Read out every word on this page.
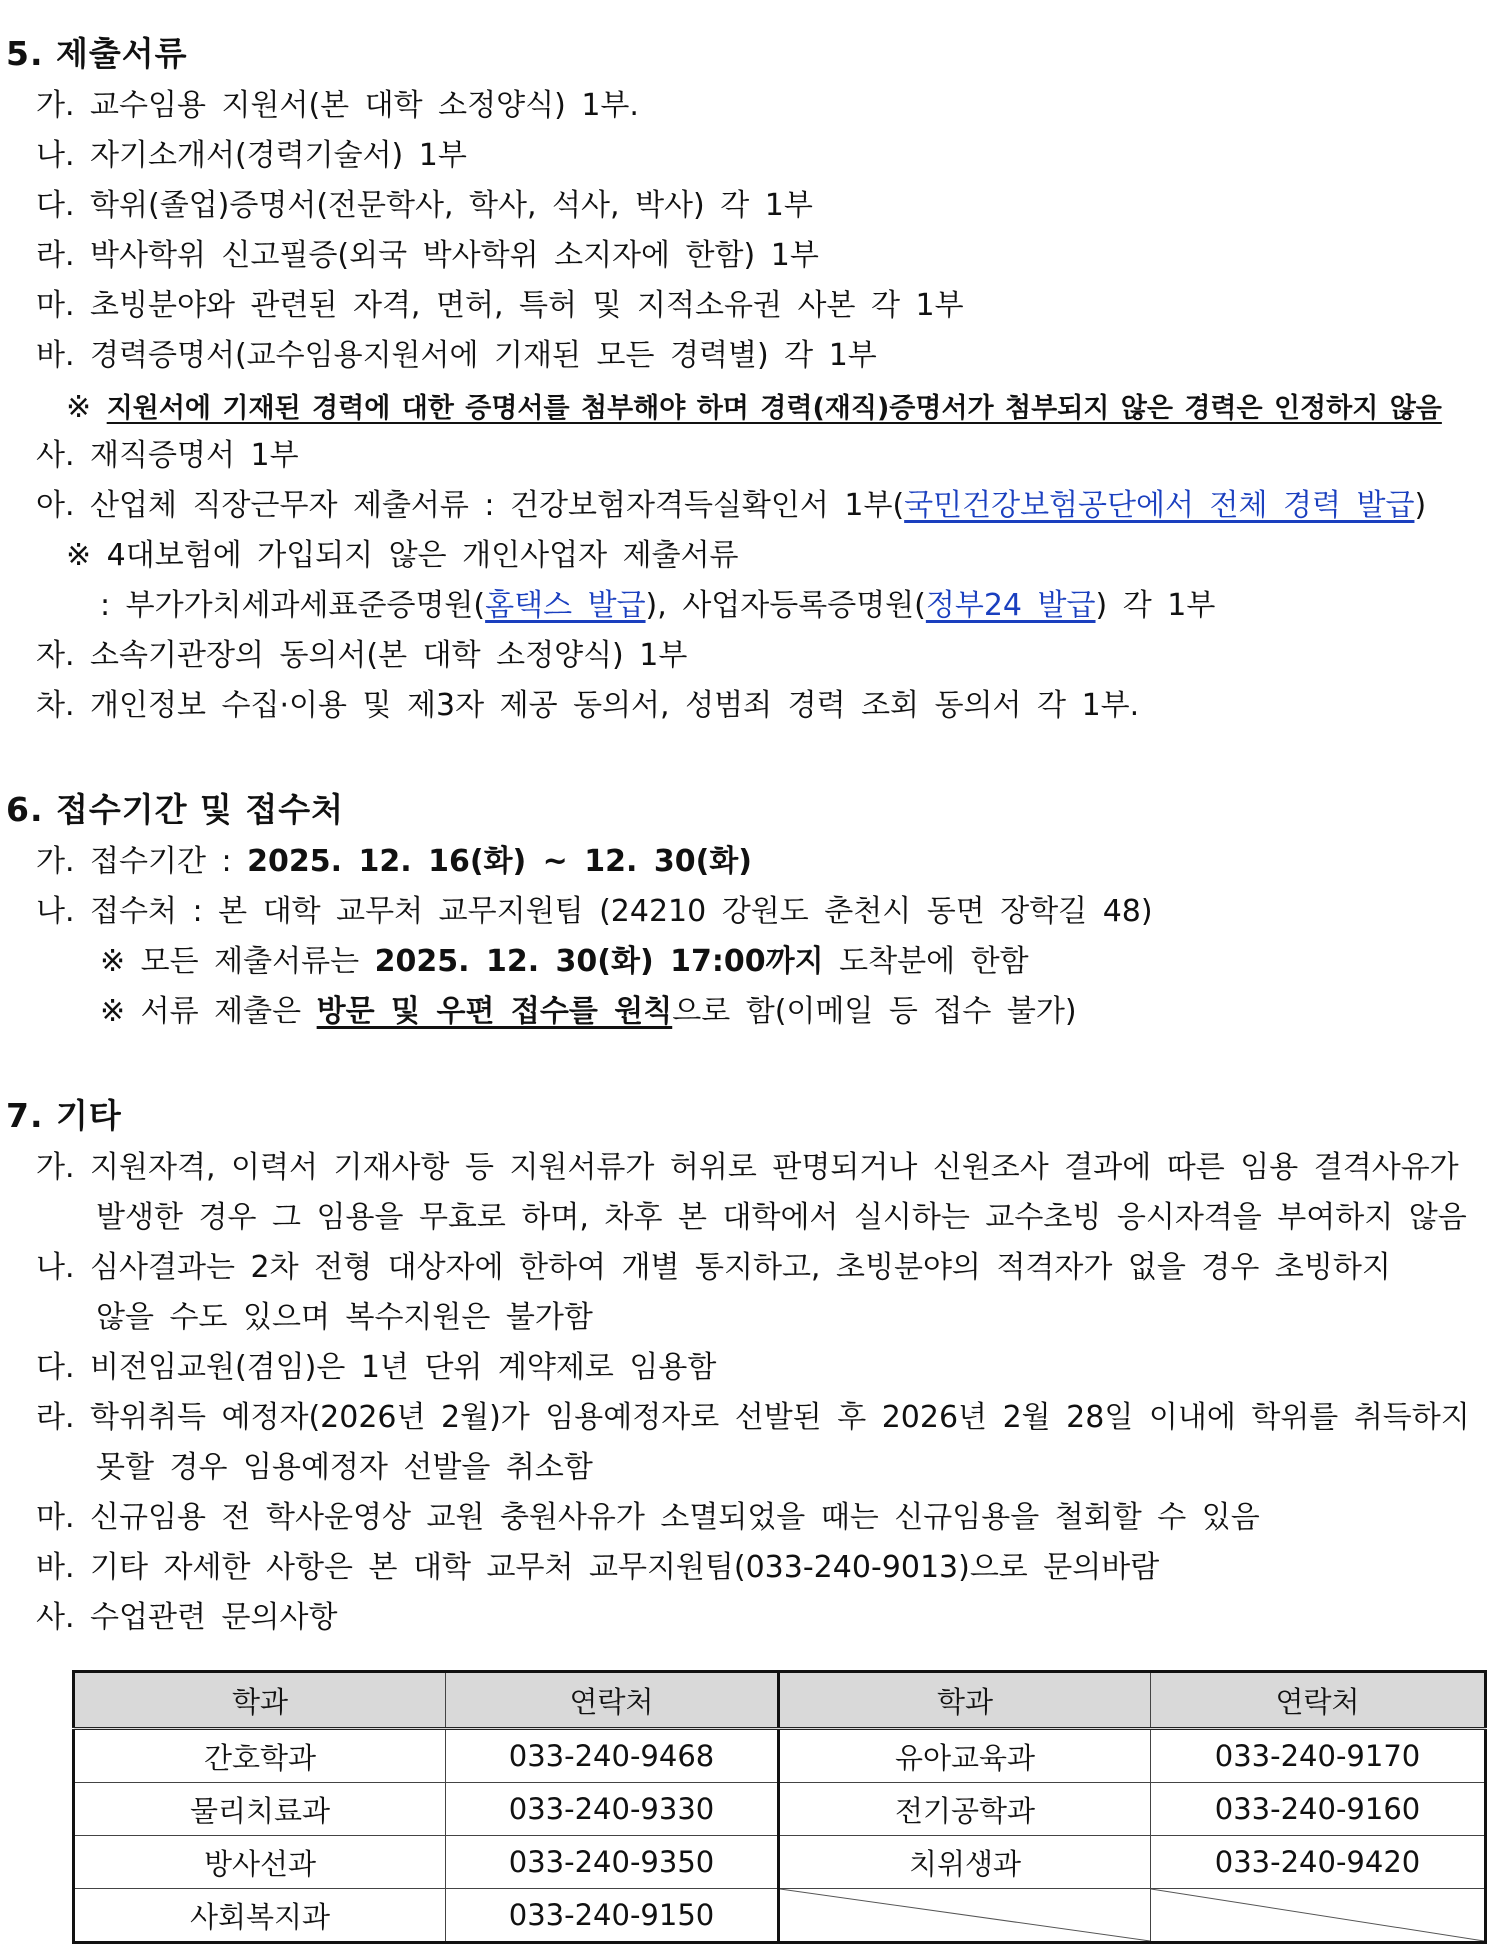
5. 제출서류
가. 교수임용 지원서(본 대학 소정양식) 1부.
나. 자기소개서(경력기술서) 1부
다. 학위(졸업)증명서(전문학사, 학사, 석사, 박사) 각 1부
라. 박사학위 신고필증(외국 박사학위 소지자에 한함) 1부
마. 초빙분야와 관련된 자격, 면허, 특허 및 지적소유권 사본 각 1부
바. 경력증명서(교수임용지원서에 기재된 모든 경력별) 각 1부
※ 지원서에 기재된 경력에 대한 증명서를 첨부해야 하며 경력(재직)증명서가 첨부되지 않은 경력은 인정하지 않음
사. 재직증명서 1부
아. 산업체 직장근무자 제출서류 : 건강보험자격득실확인서 1부(국민건강보험공단에서 전체 경력 발급)
※ 4대보험에 가입되지 않은 개인사업자 제출서류
: 부가가치세과세표준증명원(홈택스 발급), 사업자등록증명원(정부24 발급) 각 1부
자. 소속기관장의 동의서(본 대학 소정양식) 1부
차. 개인정보 수집·이용 및 제3자 제공 동의서, 성범죄 경력 조회 동의서 각 1부.
6. 접수기간 및 접수처
가. 접수기간 : 2025. 12. 16(화) ~ 12. 30(화)
나. 접수처 : 본 대학 교무처 교무지원팀 (24210 강원도 춘천시 동면 장학길 48)
※ 모든 제출서류는 2025. 12. 30(화) 17:00까지 도착분에 한함
※ 서류 제출은 방문 및 우편 접수를 원칙으로 함(이메일 등 접수 불가)
7. 기타
가. 지원자격, 이력서 기재사항 등 지원서류가 허위로 판명되거나 신원조사 결과에 따른 임용 결격사유가
발생한 경우 그 임용을 무효로 하며, 차후 본 대학에서 실시하는 교수초빙 응시자격을 부여하지 않음
나. 심사결과는 2차 전형 대상자에 한하여 개별 통지하고, 초빙분야의 적격자가 없을 경우 초빙하지
않을 수도 있으며 복수지원은 불가함
다. 비전임교원(겸임)은 1년 단위 계약제로 임용함
라. 학위취득 예정자(2026년 2월)가 임용예정자로 선발된 후 2026년 2월 28일 이내에 학위를 취득하지
못할 경우 임용예정자 선발을 취소함
마. 신규임용 전 학사운영상 교원 충원사유가 소멸되었을 때는 신규임용을 철회할 수 있음
바. 기타 자세한 사항은 본 대학 교무처 교무지원팀(033-240-9013)으로 문의바람
사. 수업관련 문의사항
학과	연락처	학과	연락처
간호학과	033-240-9468	유아교육과	033-240-9170
물리치료과	033-240-9330	전기공학과	033-240-9160
방사선과	033-240-9350	치위생과	033-240-9420
사회복지과	033-240-9150	
